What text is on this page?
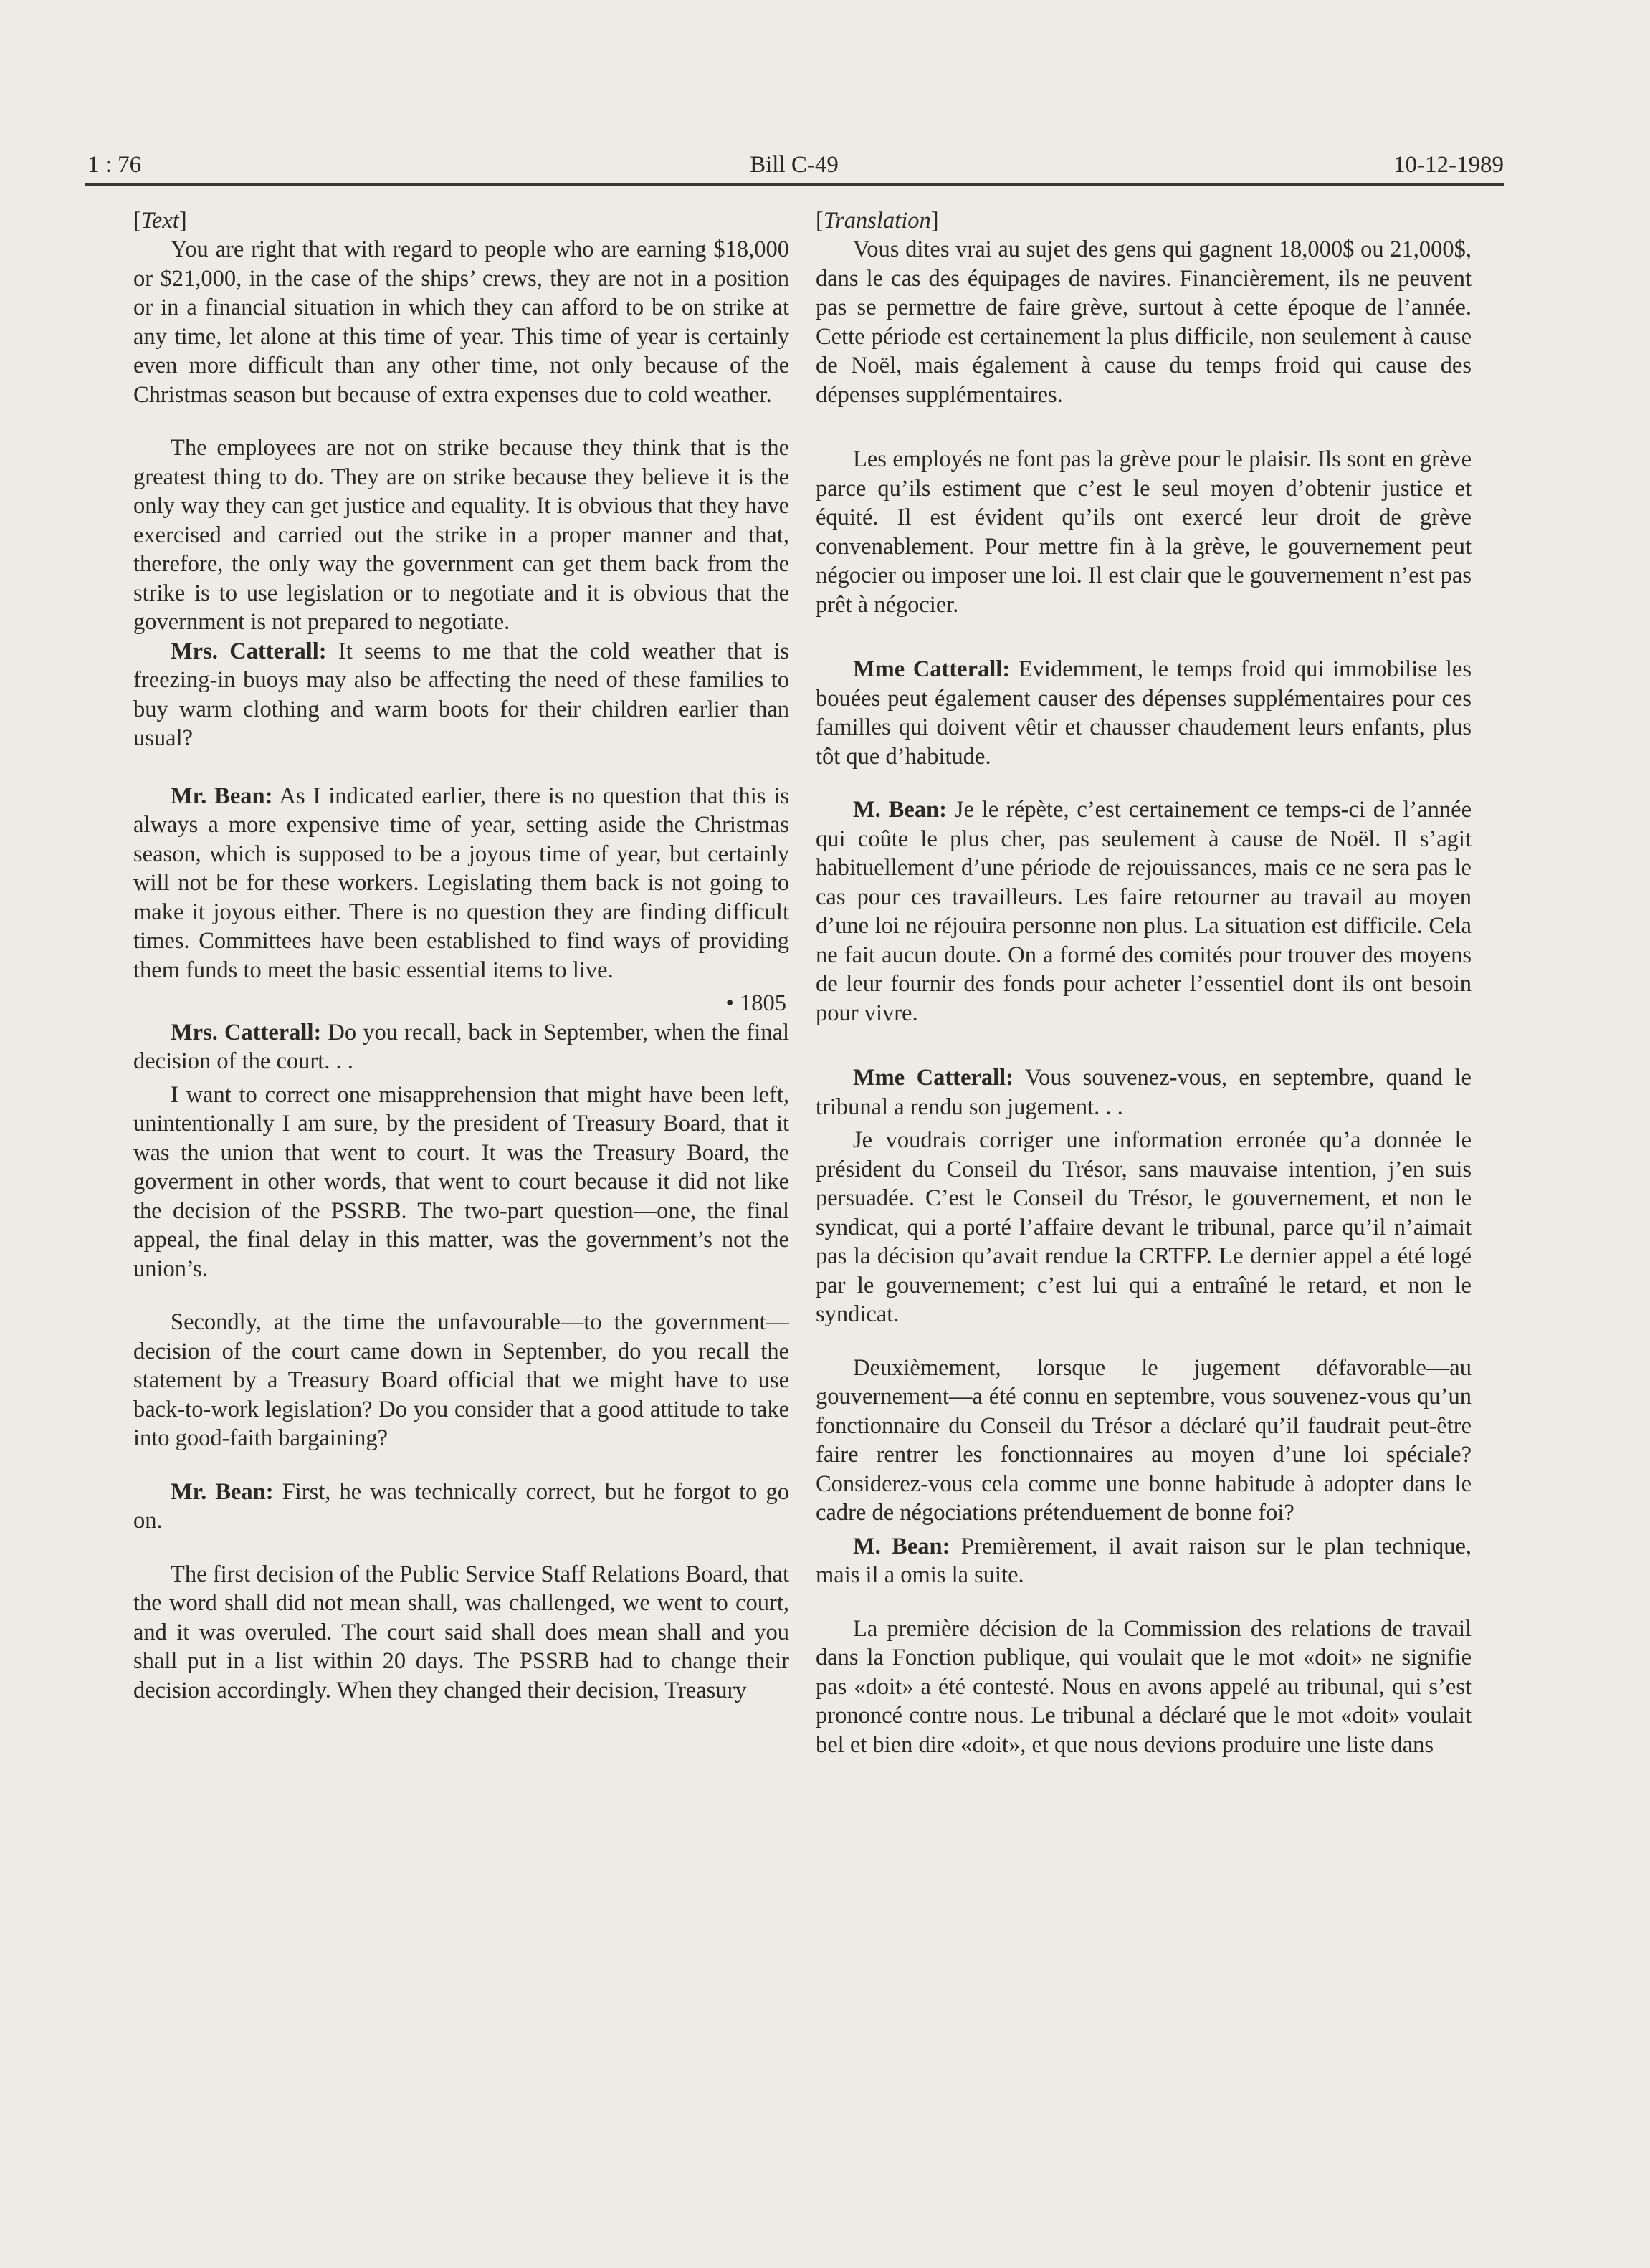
1 : 76	Bill C-49	10-12-1989
[Text]

You are right that with regard to people who are earning $18,000 or $21,000, in the case of the ships’ crews, they are not in a position or in a financial situation in which they can afford to be on strike at any time, let alone at this time of year. This time of year is certainly even more difficult than any other time, not only because of the Christmas season but because of extra expenses due to cold weather.

The employees are not on strike because they think that is the greatest thing to do. They are on strike because they believe it is the only way they can get justice and equality. It is obvious that they have exercised and carried out the strike in a proper manner and that, therefore, the only way the government can get them back from the strike is to use legislation or to negotiate and it is obvious that the government is not prepared to negotiate.

Mrs. Catterall: It seems to me that the cold weather that is freezing-in buoys may also be affecting the need of these families to buy warm clothing and warm boots for their children earlier than usual?

Mr. Bean: As I indicated earlier, there is no question that this is always a more expensive time of year, setting aside the Christmas season, which is supposed to be a joyous time of year, but certainly will not be for these workers. Legislating them back is not going to make it joyous either. There is no question they are finding difficult times. Committees have been established to find ways of providing them funds to meet the basic essential items to live.

• 1805

Mrs. Catterall: Do you recall, back in September, when the final decision of the court. . .

I want to correct one misapprehension that might have been left, unintentionally I am sure, by the president of Treasury Board, that it was the union that went to court. It was the Treasury Board, the goverment in other words, that went to court because it did not like the decision of the PSSRB. The two-part question—one, the final appeal, the final delay in this matter, was the government’s not the union’s.

Secondly, at the time the unfavourable—to the government—decision of the court came down in September, do you recall the statement by a Treasury Board official that we might have to use back-to-work legislation? Do you consider that a good attitude to take into good-faith bargaining?

Mr. Bean: First, he was technically correct, but he forgot to go on.

The first decision of the Public Service Staff Relations Board, that the word shall did not mean shall, was challenged, we went to court, and it was overuled. The court said shall does mean shall and you shall put in a list within 20 days. The PSSRB had to change their decision accordingly. When they changed their decision, Treasury

[Translation]

Vous dites vrai au sujet des gens qui gagnent 18,000$ ou 21,000$, dans le cas des équipages de navires. Financièrement, ils ne peuvent pas se permettre de faire grève, surtout à cette époque de l’année. Cette période est certainement la plus difficile, non seulement à cause de Noël, mais également à cause du temps froid qui cause des dépenses supplémentaires.

Les employés ne font pas la grève pour le plaisir. Ils sont en grève parce qu’ils estiment que c’est le seul moyen d’obtenir justice et équité. Il est évident qu’ils ont exercé leur droit de grève convenablement. Pour mettre fin à la grève, le gouvernement peut négocier ou imposer une loi. Il est clair que le gouvernement n’est pas prêt à négocier.

Mme Catterall: Evidemment, le temps froid qui immobilise les bouées peut également causer des dépenses supplémentaires pour ces familles qui doivent vêtir et chausser chaudement leurs enfants, plus tôt que d’habitude.

M. Bean: Je le répète, c’est certainement ce temps-ci de l’année qui coûte le plus cher, pas seulement à cause de Noël. Il s’agit habituellement d’une période de rejouissances, mais ce ne sera pas le cas pour ces travailleurs. Les faire retourner au travail au moyen d’une loi ne réjouira personne non plus. La situation est difficile. Cela ne fait aucun doute. On a formé des comités pour trouver des moyens de leur fournir des fonds pour acheter l’essentiel dont ils ont besoin pour vivre.

Mme Catterall: Vous souvenez-vous, en septembre, quand le tribunal a rendu son jugement. . .

Je voudrais corriger une information erronée qu’a donnée le président du Conseil du Trésor, sans mauvaise intention, j’en suis persuadée. C’est le Conseil du Trésor, le gouvernement, et non le syndicat, qui a porté l’affaire devant le tribunal, parce qu’il n’aimait pas la décision qu’avait rendue la CRTFP. Le dernier appel a été logé par le gouvernement; c’est lui qui a entraîné le retard, et non le syndicat.

Deuxièmement, lorsque le jugement défavorable—au gouvernement—a été connu en septembre, vous souvenez-vous qu’un fonctionnaire du Conseil du Trésor a déclaré qu’il faudrait peut-être faire rentrer les fonctionnaires au moyen d’une loi spéciale? Considerez-vous cela comme une bonne habitude à adopter dans le cadre de négociations prétenduement de bonne foi?

M. Bean: Premièrement, il avait raison sur le plan technique, mais il a omis la suite.

La première décision de la Commission des relations de travail dans la Fonction publique, qui voulait que le mot «doit» ne signifie pas «doit» a été contesté. Nous en avons appelé au tribunal, qui s’est prononcé contre nous. Le tribunal a déclaré que le mot «doit» voulait bel et bien dire «doit», et que nous devions produire une liste dans
